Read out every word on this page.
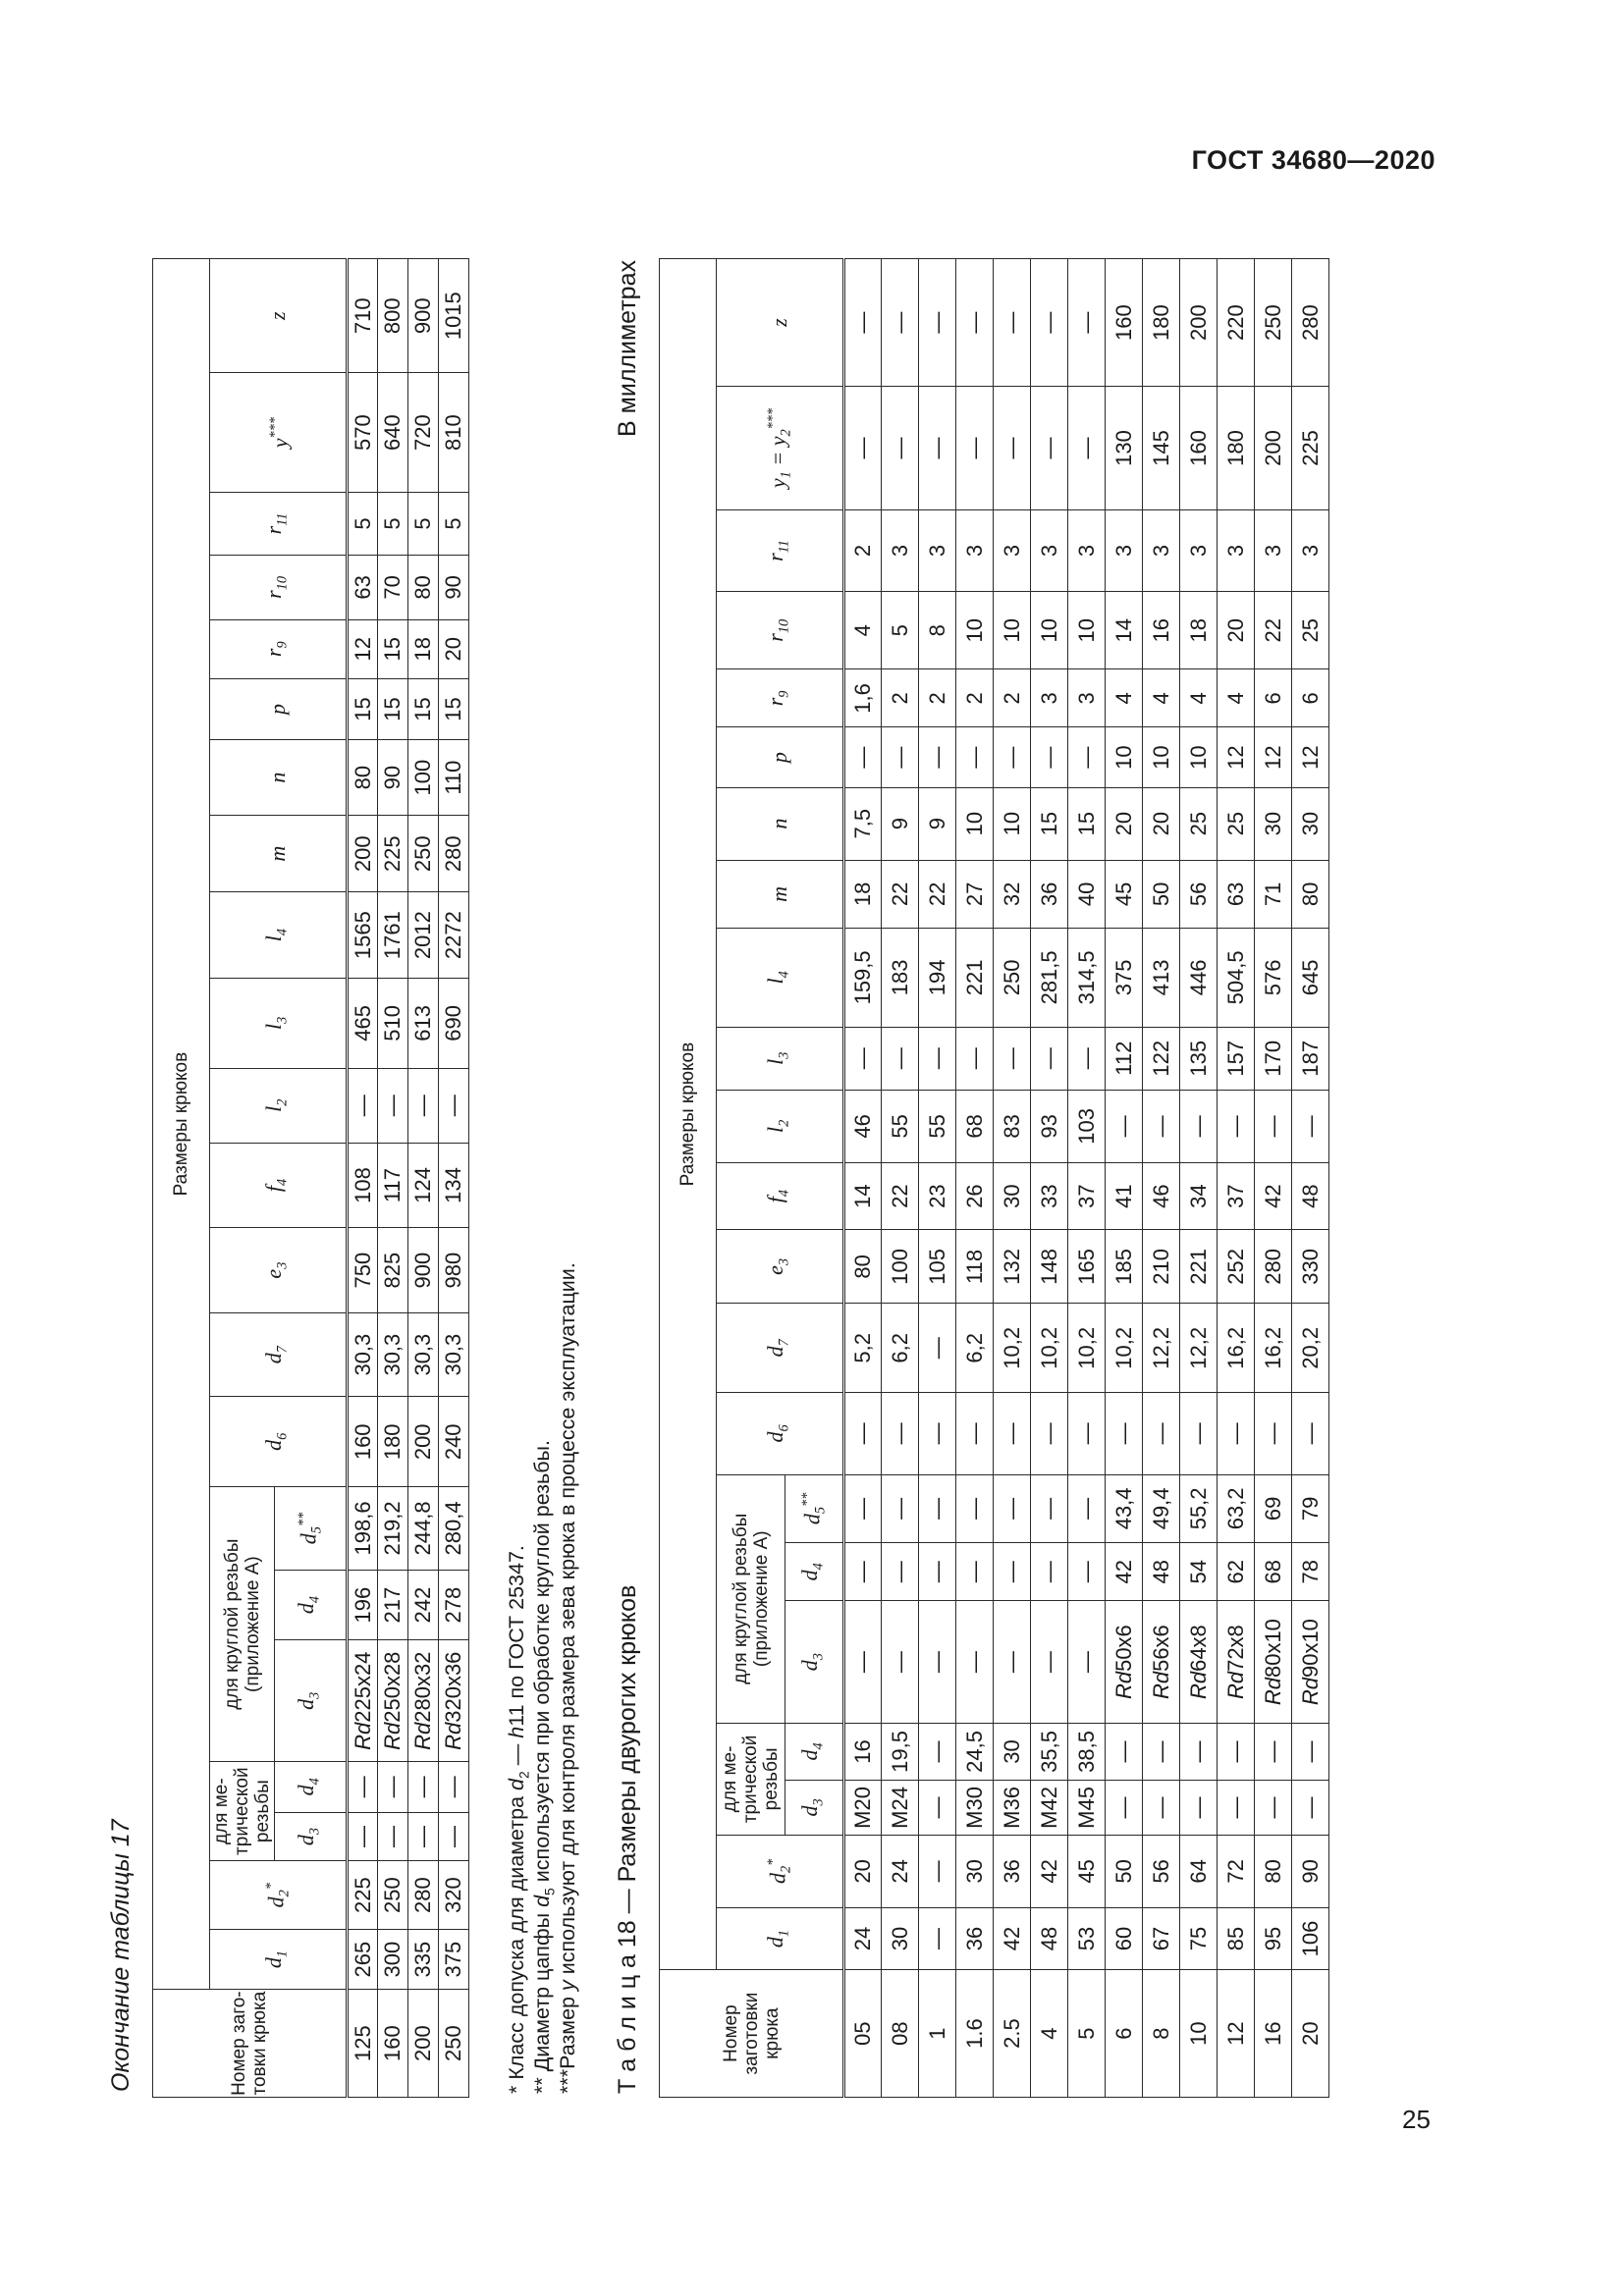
ГОСТ 34680—2020
25
Окончание таблицы 17	Номер заго- товки крюка	Размеры крюков																					
	$d_1$	$d_2^*$	для ме- трической резьбы		для круглой резьбы (приложение А)			$d_6$	$d_7$	$e_3$	$f_4$	$l_2$	$l_3$	$l_4$	m	n	p	$r_9$	$r_{10}$	$r_{11}$	y***	z
			$d_3$	$d_4$	$d_3$	$d_4$	$d_5^{**}$
125	265	225	—	—	Rd225x24	196	198,6	160	30,3	750	108	—	465	1565	200	80	15	12	63	5	570	710
160	300	250	—	—	Rd250x28	217	219,2	180	30,3	825	117	—	510	1761	225	90	15	15	70	5	640	800
200	335	280	—	—	Rd280x32	242	244,8	200	30,3	900	124	—	613	2012	250	100	15	18	80	5	720	900
250	375	320	—	—	Rd320x36	278	280,4	240	30,3	980	134	—	690	2272	280	110	15	20	90	5	810	1015
* Класс допуска для диаметра $d_2$ — h11 по ГОСТ 25347.
** Диаметр цапфы $d_5$ используется при обработке круглой резьбы.
***Размер y используют для контроля размера зева крюка в процессе эксплуатации. Т а б л и ц а 18 — Размеры двурогих крюков
В миллиметрах
Номер заготовки крюка	Размеры крюков																					
	$d_1$	$d_2^*$	для ме- трической резьбы		для круглой резьбы (приложение А)			$d_6$	$d_7$	$e_3$	$f_4$	$l_2$	$l_3$	$l_4$	m	n	p	$r_9$	$r_{10}$	$r_{11}$	$y_1 = y_2^{***}$	z
			$d_3$	$d_4$	$d_3$	$d_4$	$d_5^{**}$
05	24	20	M20	16	—	—	—	—	5,2	80	14	46	—	159,5	18	7,5	—	1,6	4	2	—	—
08	30	24	M24	19,5	—	—	—	—	6,2	100	22	55	—	183	22	9	—	2	5	3	—	—
1	—	—	—	—	—	—	—	—	—	105	23	55	—	194	22	9	—	2	8	3	—	—
1.6	36	30	M30	24,5	—	—	—	—	6,2	118	26	68	—	221	27	10	—	2	10	3	—	—
2.5	42	36	M36	30	—	—	—	—	10,2	132	30	83	—	250	32	10	—	2	10	3	—	—
4	48	42	M42	35,5	—	—	—	—	10,2	148	33	93	—	281,5	36	15	—	3	10	3	—	—
5	53	45	M45	38,5	—	—	—	—	10,2	165	37	103	—	314,5	40	15	—	3	10	3	—	—
6	60	50	—	—	Rd50x6	42	43,4	—	10,2	185	41	—	112	375	45	20	10	4	14	3	130	160
8	67	56	—	—	Rd56x6	48	49,4	—	12,2	210	46	—	122	413	50	20	10	4	16	3	145	180
10	75	64	—	—	Rd64x8	54	55,2	—	12,2	221	34	—	135	446	56	25	10	4	18	3	160	200
12	85	72	—	—	Rd72x8	62	63,2	—	16,2	252	37	—	157	504,5	63	25	12	4	20	3	180	220
16	95	80	—	—	Rd80x10	68	69	—	16,2	280	42	—	170	576	71	30	12	6	22	3	200	250
20	106	90	—	—	Rd90x10	78	79	—	20,2	330	48	—	187	645	80	30	12	6	25	3	225	280
